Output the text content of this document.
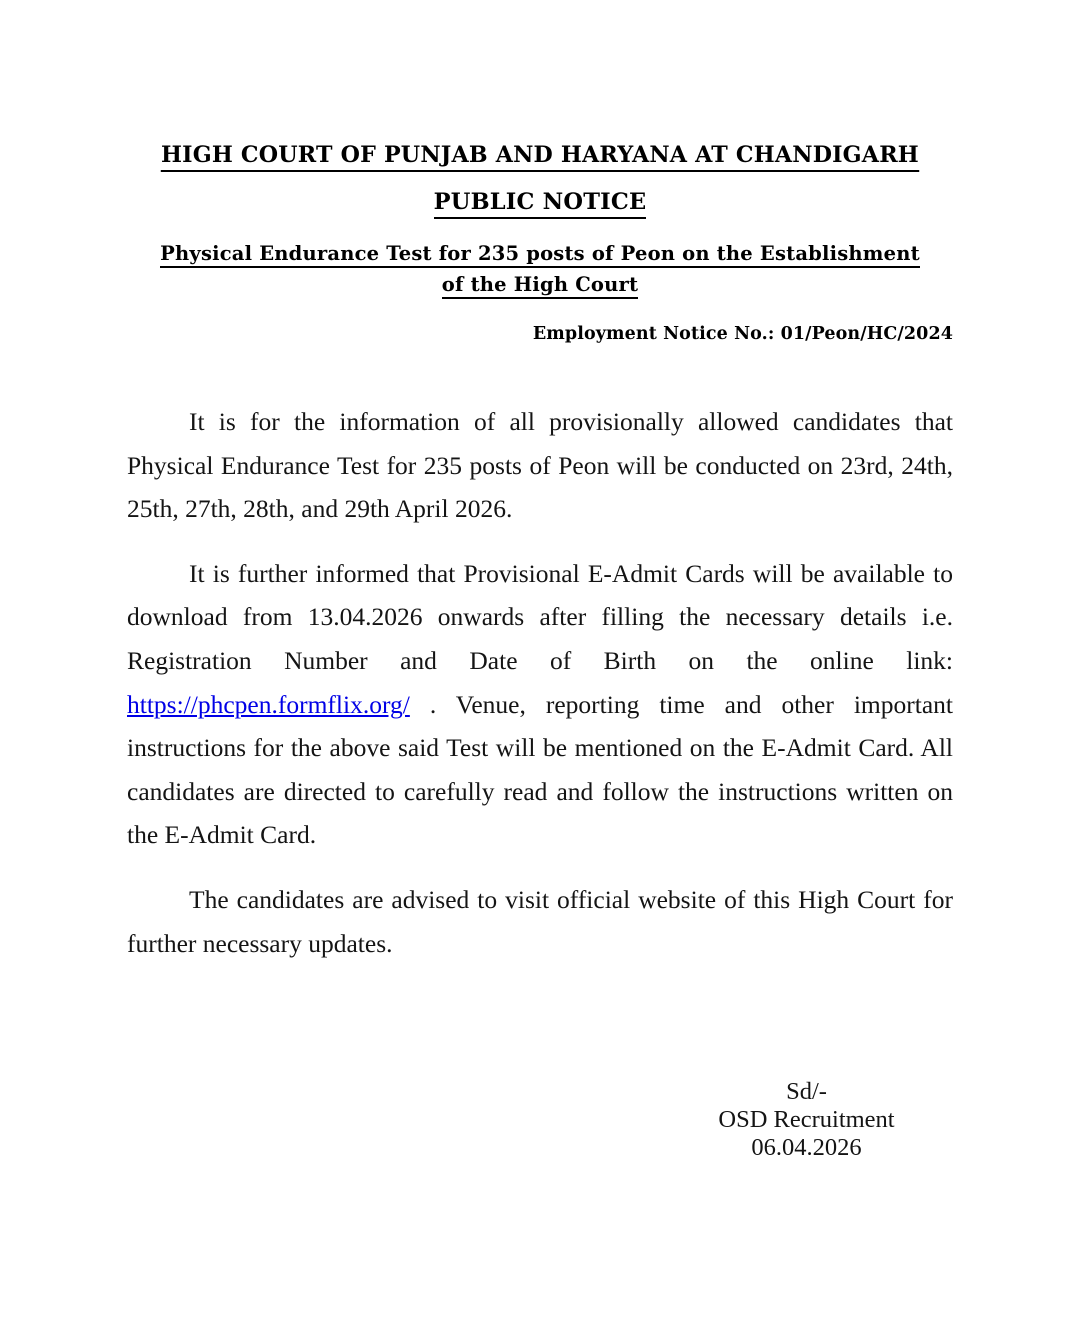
HIGH COURT OF PUNJAB AND HARYANA AT CHANDIGARH
PUBLIC NOTICE
Physical Endurance Test for 235 posts of Peon on the Establishment
of the High Court
Employment Notice No.: 01/Peon/HC/2024

It is for the information of all provisionally allowed candidates that Physical Endurance Test for 235 posts of Peon will be conducted on 23rd, 24th, 25th, 27th, 28th, and 29th April 2026.

It is further informed that Provisional E-Admit Cards will be available to download from 13.04.2026 onwards after filling the necessary details i.e. Registration Number and Date of Birth on the online link: https://phcpen.formflix.org/ . Venue, reporting time and other important instructions for the above said Test will be mentioned on the E-Admit Card. All candidates are directed to carefully read and follow the instructions written on the E-Admit Card.

The candidates are advised to visit official website of this High Court for further necessary updates.

Sd/-
OSD Recruitment
06.04.2026
